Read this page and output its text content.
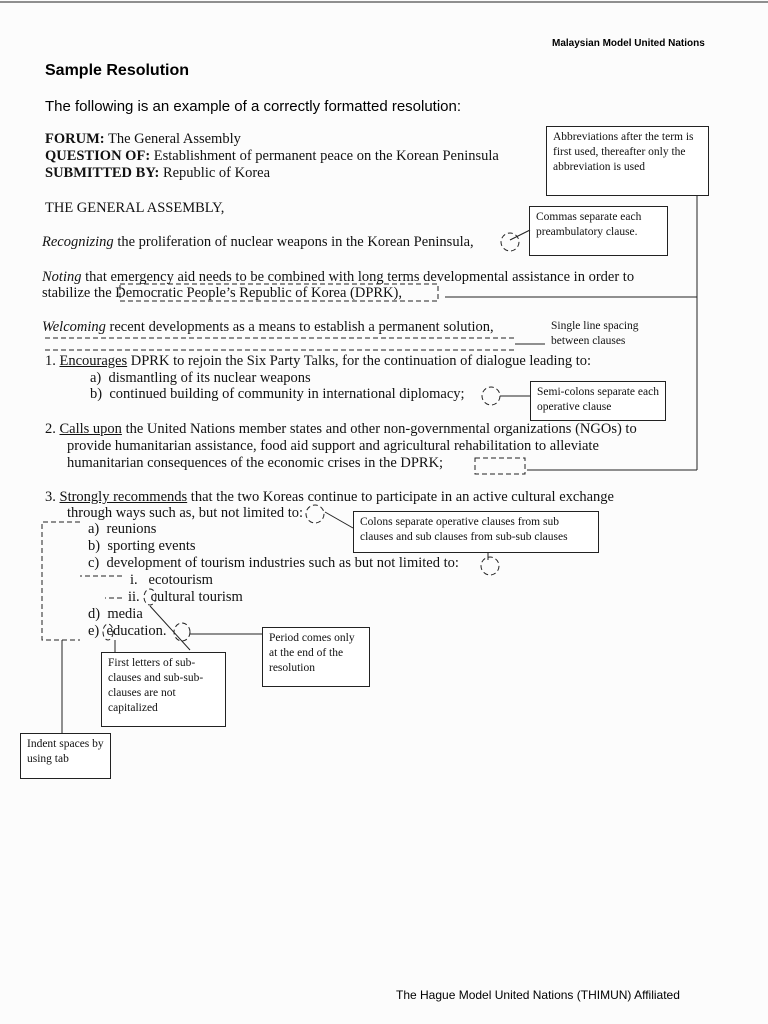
Malaysian Model United Nations
Sample Resolution
The following is an example of a correctly formatted resolution:
FORUM: The General Assembly
QUESTION OF: Establishment of permanent peace on the Korean Peninsula
SUBMITTED BY: Republic of Korea
THE GENERAL ASSEMBLY,
Recognizing the proliferation of nuclear weapons in the Korean Peninsula,
Noting that emergency aid needs to be combined with long terms developmental assistance in order to
stabilize the Democratic People’s Republic of Korea (DPRK),
Welcoming recent developments as a means to establish a permanent solution,
1. Encourages DPRK to rejoin the Six Party Talks, for the continuation of dialogue leading to:
a) dismantling of its nuclear weapons
b) continued building of community in international diplomacy;
2. Calls upon the United Nations member states and other non-governmental organizations (NGOs) to
provide humanitarian assistance, food aid support and agricultural rehabilitation to alleviate
humanitarian consequences of the economic crises in the DPRK;
3. Strongly recommends that the two Koreas continue to participate in an active cultural exchange
through ways such as, but not limited to:
a) reunions
b) sporting events
c) development of tourism industries such as but not limited to:
i. ecotourism
ii. cultural tourism
d) media
e) education.
Abbreviations after the term is first used, thereafter only the abbreviation is used
Commas separate each preambulatory clause.
Single line spacing between clauses
Semi-colons separate each operative clause
Colons separate operative clauses from sub clauses and sub clauses from sub-sub clauses
Period comes only at the end of the resolution
First letters of sub-clauses and sub-sub-clauses are not capitalized
Indent spaces by using tab
The Hague Model United Nations (THIMUN) Affiliated
